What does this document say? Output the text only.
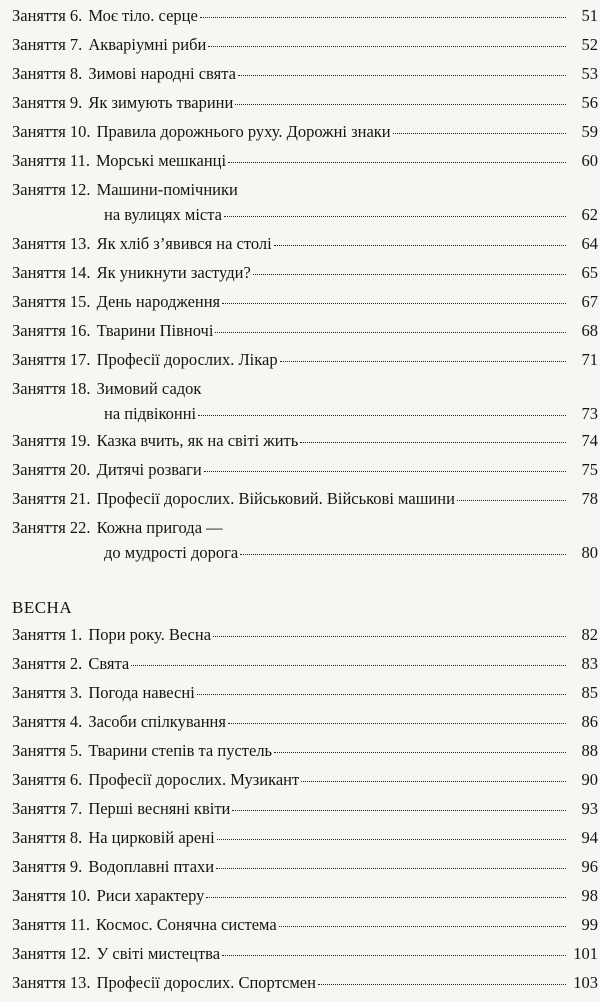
Заняття 6. Моє тіло. серце	51
Заняття 7. Акваріумні риби	52
Заняття 8. Зимові народні свята	53
Заняття 9. Як зимують тварини	56
Заняття 10. Правила дорожнього руху. Дорожні знаки	59
Заняття 11. Морські мешканці	60
Заняття 12. Машини-помічники
на вулицях міста	62
Заняття 13. Як хліб з’явився на столі	64
Заняття 14. Як уникнути застуди?	65
Заняття 15. День народження	67
Заняття 16. Тварини Півночі	68
Заняття 17. Професії дорослих. Лікар	71
Заняття 18. Зимовий садок
на підвіконні	73
Заняття 19. Казка вчить, як на світі жить	74
Заняття 20. Дитячі розваги	75
Заняття 21. Професії дорослих. Військовий. Військові машини	78
Заняття 22. Кожна пригода —
до мудрості дорога	80
ВЕСНА
Заняття 1. Пори року. Весна	82
Заняття 2. Свята	83
Заняття 3. Погода навесні	85
Заняття 4. Засоби спілкування	86
Заняття 5. Тварини степів та пустель	88
Заняття 6. Професії дорослих. Музикант	90
Заняття 7. Перші весняні квіти	93
Заняття 8. На цирковій арені	94
Заняття 9. Водоплавні птахи	96
Заняття 10. Риси характеру	98
Заняття 11. Космос. Сонячна система	99
Заняття 12. У світі мистецтва	101
Заняття 13. Професії дорослих. Спортсмен	103
